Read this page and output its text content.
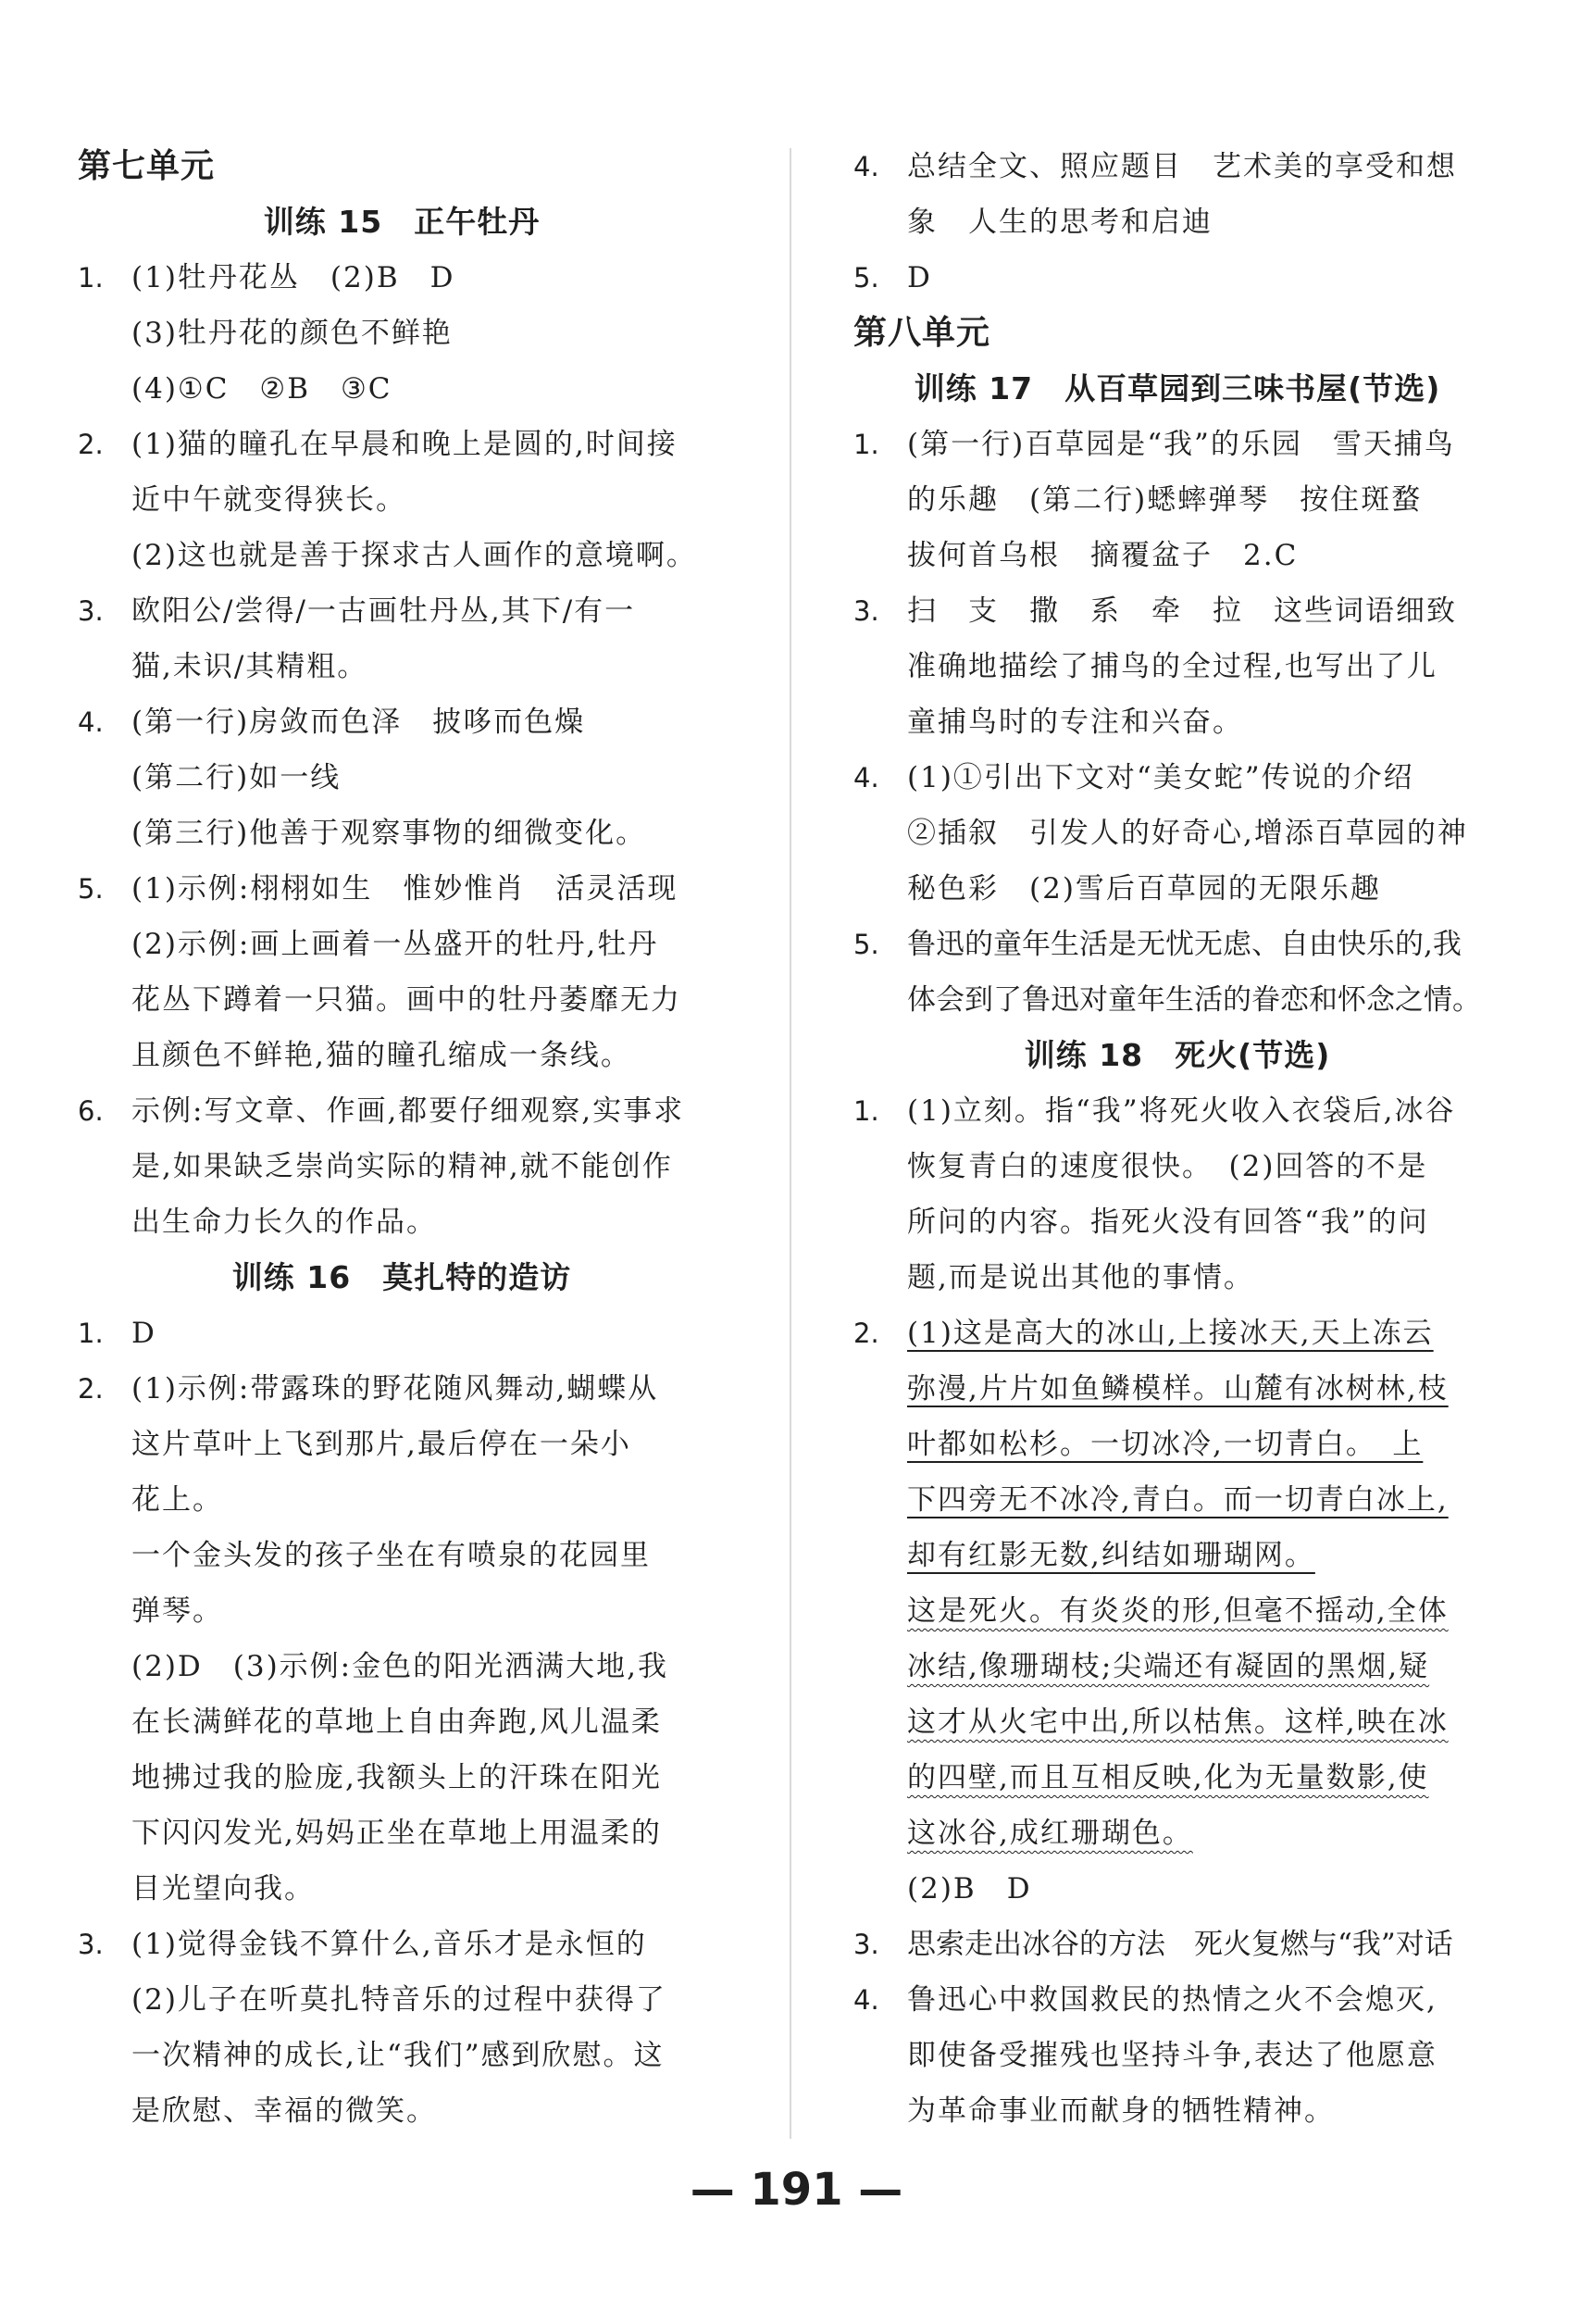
第七单元
训练 15　正午牡丹
1. (1)牡丹花丛　(2)B　D
(3)牡丹花的颜色不鲜艳
(4)①C　②B　③C
2. (1)猫的瞳孔在早晨和晚上是圆的,时间接
近中午就变得狭长。
(2)这也就是善于探求古人画作的意境啊。
3. 欧阳公/尝得/一古画牡丹丛,其下/有一
猫,未识/其精粗。
4. (第一行)房敛而色泽　披哆而色燥
(第二行)如一线
(第三行)他善于观察事物的细微变化。
5. (1)示例:栩栩如生　惟妙惟肖　活灵活现
(2)示例:画上画着一丛盛开的牡丹,牡丹
花丛下蹲着一只猫。画中的牡丹萎靡无力
且颜色不鲜艳,猫的瞳孔缩成一条线。
6. 示例:写文章、作画,都要仔细观察,实事求
是,如果缺乏崇尚实际的精神,就不能创作
出生命力长久的作品。
训练 16　莫扎特的造访
1. D
2. (1)示例:带露珠的野花随风舞动,蝴蝶从
这片草叶上飞到那片,最后停在一朵小
花上。
一个金头发的孩子坐在有喷泉的花园里
弹琴。
(2)D　(3)示例:金色的阳光洒满大地,我
在长满鲜花的草地上自由奔跑,风儿温柔
地拂过我的脸庞,我额头上的汗珠在阳光
下闪闪发光,妈妈正坐在草地上用温柔的
目光望向我。
3. (1)觉得金钱不算什么,音乐才是永恒的
(2)儿子在听莫扎特音乐的过程中获得了
一次精神的成长,让“我们”感到欣慰。这
是欣慰、幸福的微笑。
4. 总结全文、照应题目　艺术美的享受和想
象　人生的思考和启迪
5. D
第八单元
训练 17　从百草园到三味书屋(节选)
1. (第一行)百草园是“我”的乐园　雪天捕鸟
的乐趣　(第二行)蟋蟀弹琴　按住斑蝥
拔何首乌根　摘覆盆子　2.C
3. 扫　支　撒　系　牵　拉　这些词语细致
准确地描绘了捕鸟的全过程,也写出了儿
童捕鸟时的专注和兴奋。
4. (1)①引出下文对“美女蛇”传说的介绍
②插叙　引发人的好奇心,增添百草园的神
秘色彩　(2)雪后百草园的无限乐趣
5. 鲁迅的童年生活是无忧无虑、自由快乐的,我
体会到了鲁迅对童年生活的眷恋和怀念之情。
训练 18　死火(节选)
1. (1)立刻。指“我”将死火收入衣袋后,冰谷
恢复青白的速度很快。　(2)回答的不是
所问的内容。指死火没有回答“我”的问
题,而是说出其他的事情。
2. (1)这是高大的冰山,上接冰天,天上冻云
弥漫,片片如鱼鳞模样。山麓有冰树林,枝
叶都如松杉。一切冰冷,一切青白。　上
下四旁无不冰冷,青白。而一切青白冰上,
却有红影无数,纠结如珊瑚网。
这是死火。有炎炎的形,但毫不摇动,全体
冰结,像珊瑚枝;尖端还有凝固的黑烟,疑
这才从火宅中出,所以枯焦。这样,映在冰
的四壁,而且互相反映,化为无量数影,使
这冰谷,成红珊瑚色。
(2)B　D
3. 思索走出冰谷的方法　死火复燃与“我”对话
4. 鲁迅心中救国救民的热情之火不会熄灭,
即使备受摧残也坚持斗争,表达了他愿意
为革命事业而献身的牺牲精神。
— 191 —
